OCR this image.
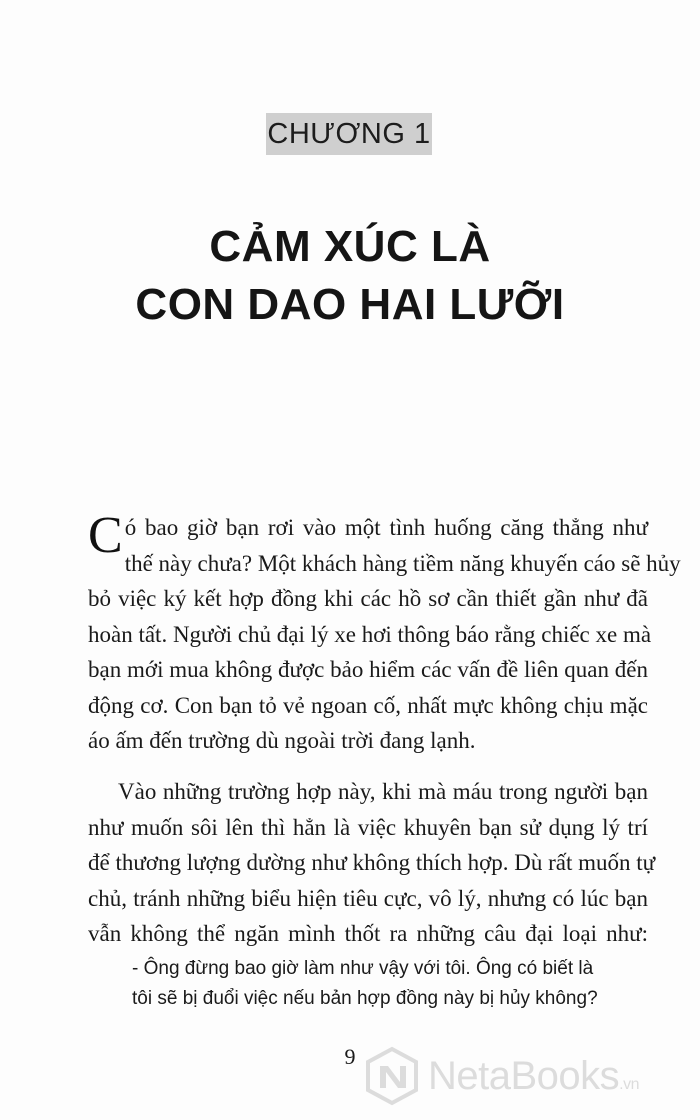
CHƯƠNG 1
CẢM XÚC LÀ
CON DAO HAI LƯỠI
C ó bao giờ bạn rơi vào một tình huống căng thẳng như
thế này chưa? Một khách hàng tiềm năng khuyến cáo sẽ hủy
bỏ việc ký kết hợp đồng khi các hồ sơ cần thiết gần như đã
hoàn tất. Người chủ đại lý xe hơi thông báo rằng chiếc xe mà
bạn mới mua không được bảo hiểm các vấn đề liên quan đến
động cơ. Con bạn tỏ vẻ ngoan cố, nhất mực không chịu mặc
áo ấm đến trường dù ngoài trời đang lạnh.
Vào những trường hợp này, khi mà máu trong người bạn
như muốn sôi lên thì hẳn là việc khuyên bạn sử dụng lý trí
để thương lượng dường như không thích hợp. Dù rất muốn tự
chủ, tránh những biểu hiện tiêu cực, vô lý, nhưng có lúc bạn
vẫn không thể ngăn mình thốt ra những câu đại loại như:
- Ông đừng bao giờ làm như vậy với tôi. Ông có biết là
tôi sẽ bị đuổi việc nếu bản hợp đồng này bị hủy không?
9	NetaBooks.vn
